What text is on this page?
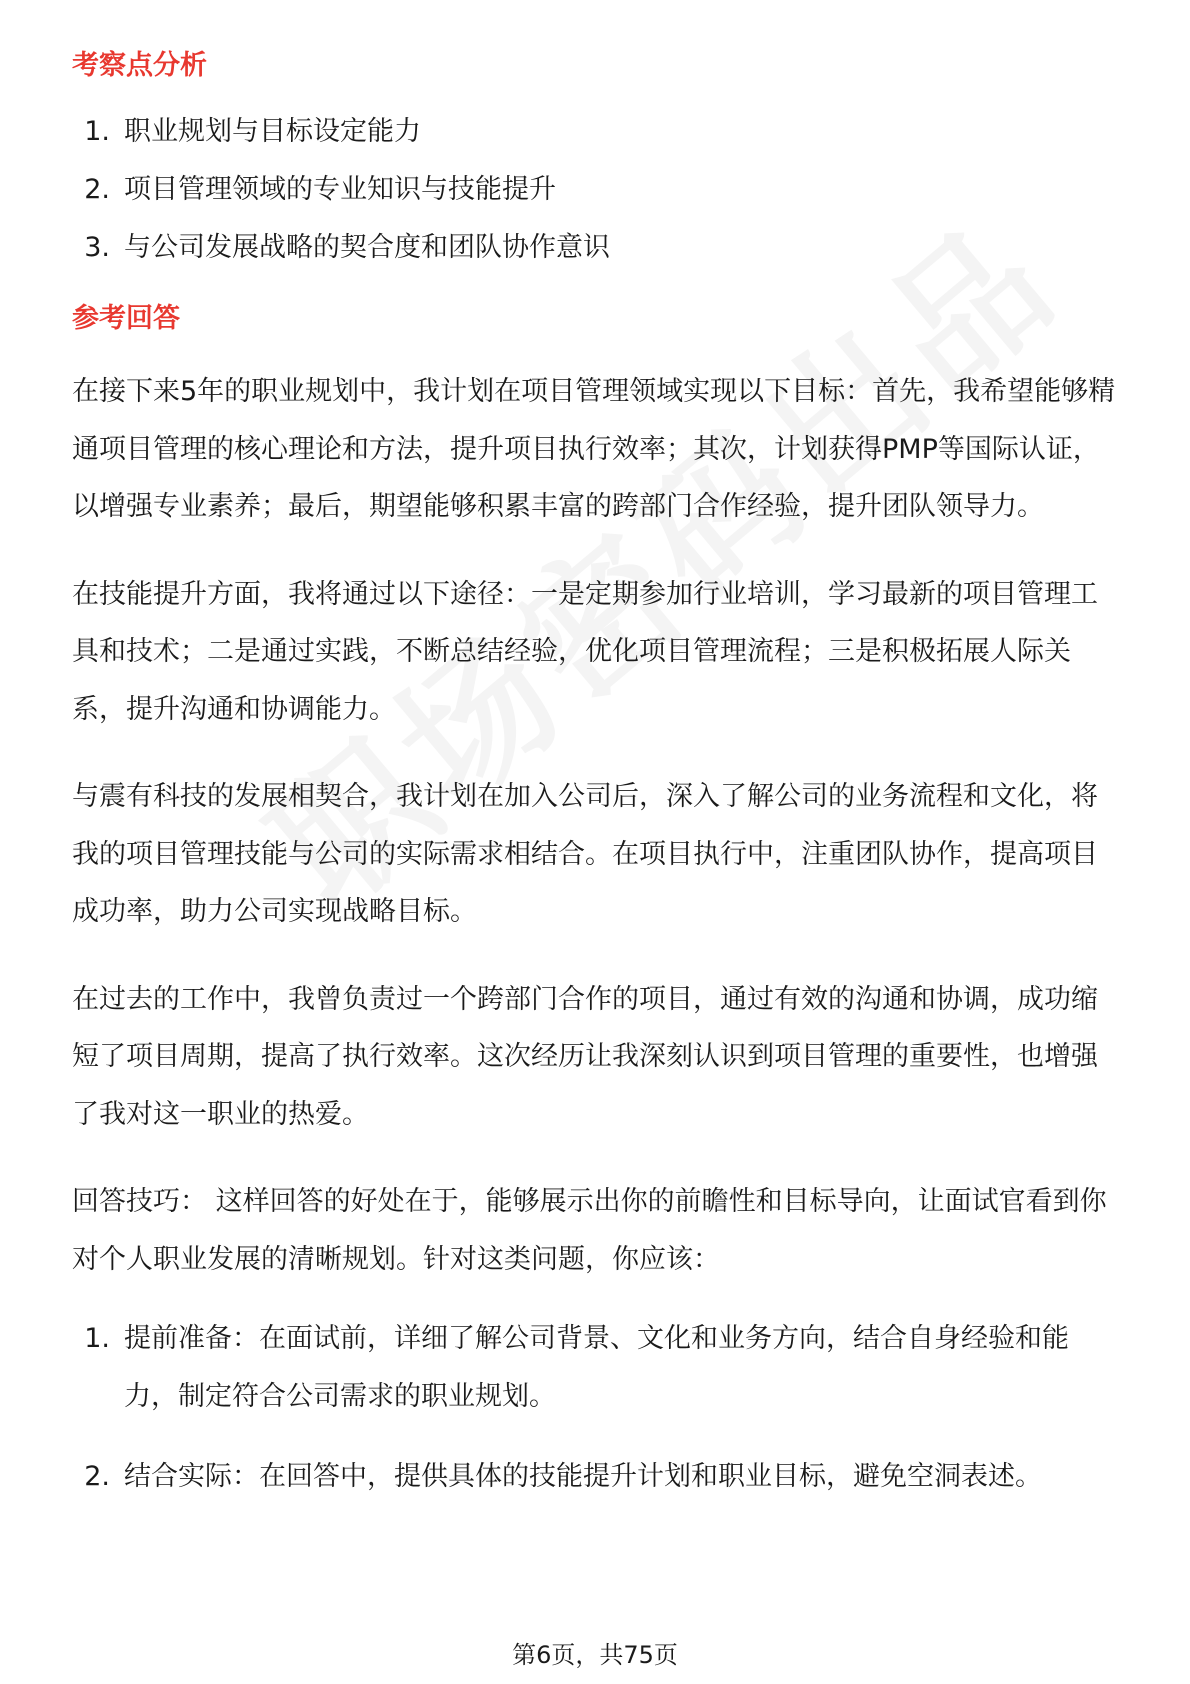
考察点分析
1. 职业规划与目标设定能力
2. 项目管理领域的专业知识与技能提升
3. 与公司发展战略的契合度和团队协作意识
参考回答

在接下来5年的职业规划中，我计划在项目管理领域实现以下目标：首先，我希望能够精通项目管理的核心理论和方法，提升项目执行效率；其次，计划获得PMP等国际认证，以增强专业素养；最后，期望能够积累丰富的跨部门合作经验，提升团队领导力。

在技能提升方面，我将通过以下途径：一是定期参加行业培训，学习最新的项目管理工具和技术；二是通过实践，不断总结经验，优化项目管理流程；三是积极拓展人际关系，提升沟通和协调能力。

与震有科技的发展相契合，我计划在加入公司后，深入了解公司的业务流程和文化，将我的项目管理技能与公司的实际需求相结合。在项目执行中，注重团队协作，提高项目成功率，助力公司实现战略目标。

在过去的工作中，我曾负责过一个跨部门合作的项目，通过有效的沟通和协调，成功缩短了项目周期，提高了执行效率。这次经历让我深刻认识到项目管理的重要性，也增强了我对这一职业的热爱。

回答技巧： 这样回答的好处在于，能够展示出你的前瞻性和目标导向，让面试官看到你对个人职业发展的清晰规划。针对这类问题，你应该：

1. 提前准备：在面试前，详细了解公司背景、文化和业务方向，结合自身经验和能力，制定符合公司需求的职业规划。
2. 结合实际：在回答中，提供具体的技能提升计划和职业目标，避免空洞表述。
第6页，共75页
